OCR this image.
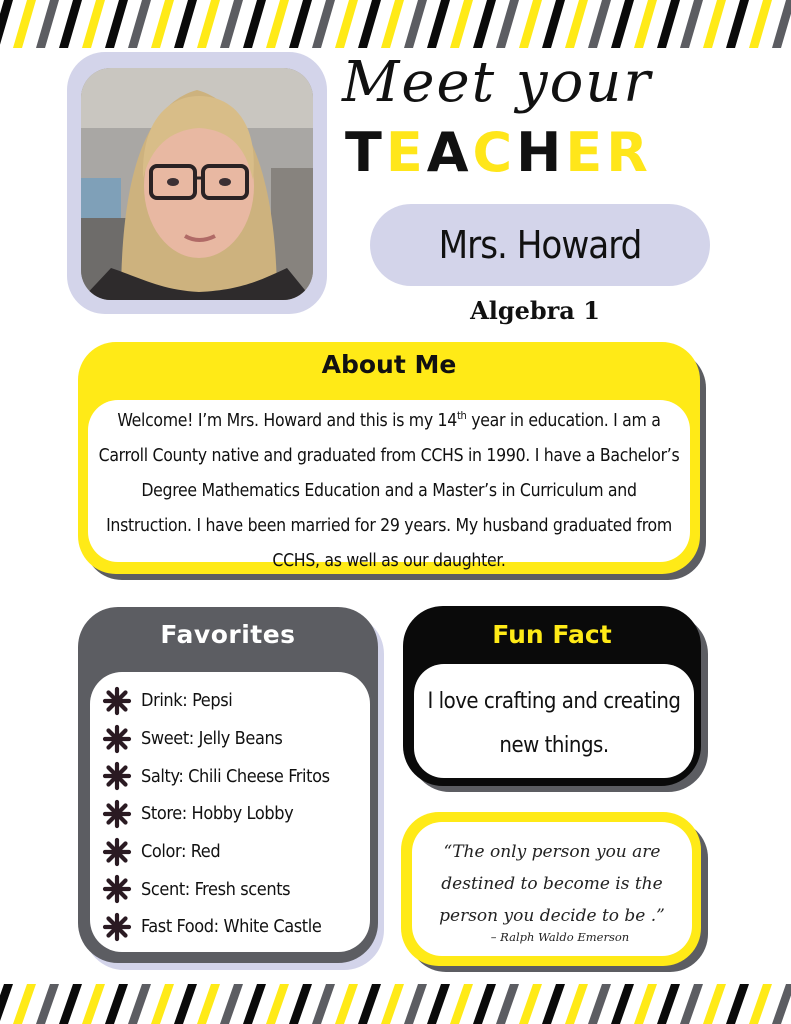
Meet your
T E A C H E R
Mrs. Howard
Algebra 1
About Me
Welcome! I’m Mrs. Howard and this is my 14th year in education. I am a Carroll County native and graduated from CCHS in 1990. I have a Bachelor’s Degree Mathematics Education and a Master’s in Curriculum and Instruction. I have been married for 29 years. My husband graduated from CCHS, as well as our daughter.
Favorites
Drink: Pepsi
Sweet: Jelly Beans
Salty: Chili Cheese Fritos
Store: Hobby Lobby
Color: Red
Scent: Fresh scents
Fast Food: White Castle
Fun Fact
I love crafting and creating new things.
“The only person you are destined to become is the person you decide to be .”
– Ralph Waldo Emerson
